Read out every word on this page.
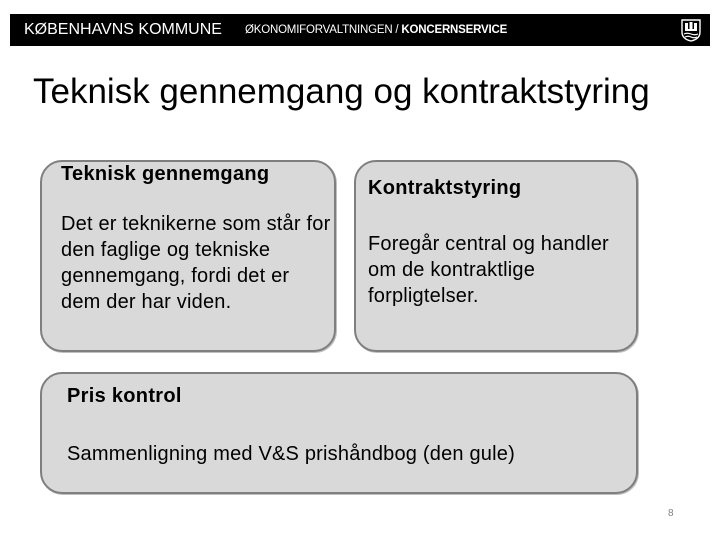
KØBENHAVNS KOMMUNE ØKONOMIFORVALTNINGEN / KONCERNSERVICE
Teknisk gennemgang og kontraktstyring
Teknisk gennemgang
Det er teknikerne som står for den faglige og tekniske gennemgang, fordi det er dem der har viden.
Kontraktstyring
Foregår central og handler om de kontraktlige forpligtelser.
Pris kontrol
Sammenligning med V&S prishåndbog (den gule)
8
